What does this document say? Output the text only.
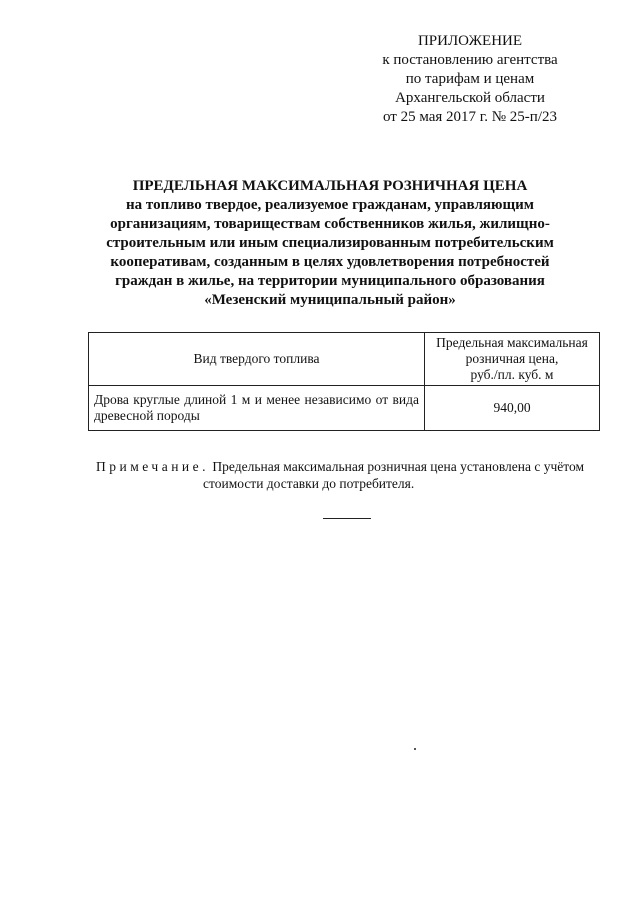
ПРИЛОЖЕНИЕ
к постановлению агентства
по тарифам и ценам
Архангельской области
от 25 мая 2017 г. № 25-п/23
ПРЕДЕЛЬНАЯ МАКСИМАЛЬНАЯ РОЗНИЧНАЯ ЦЕНА
на топливо твердое, реализуемое гражданам, управляющим
организациям, товариществам собственников жилья, жилищно-
строительным или иным специализированным потребительским
кооперативам, созданным в целях удовлетворения потребностей
граждан в жилье, на территории муниципального образования
«Мезенский муниципальный район»
Вид твердого топлива	Предельная максимальная
розничная цена,
руб./пл. куб. м

Дрова круглые длиной 1 м и менее независимо от вида древесной породы	940,00
Примечание. Предельная максимальная розничная цена установлена с учётом
стоимости доставки до потребителя.
